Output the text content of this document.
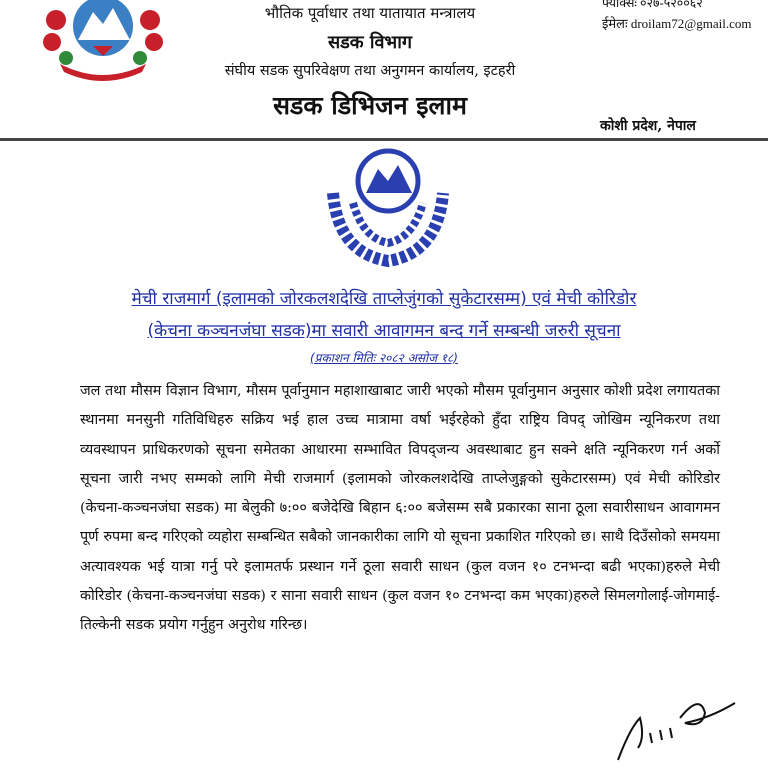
भौतिक पूर्वाधार तथा यातायात मन्त्रालय
सडक विभाग
संघीय सडक सुपरिवेक्षण तथा अनुगमन कार्यालय, इटहरी
सडक डिभिजन इलाम
फ्याक्सः ०२७-५२००६२
ईमेलः droilam72@gmail.com
कोशी प्रदेश, नेपाल
मेची राजमार्ग (इलामको जोरकलशदेखि ताप्लेजुंगको सुकेटारसम्म) एवं मेची कोरिडोर
(केचना कञ्चनजंघा सडक)मा सवारी आवागमन बन्द गर्ने सम्बन्धी जरुरी सूचना
(प्रकाशन मितिः २०८२ असोज १८)
जल तथा मौसम विज्ञान विभाग, मौसम पूर्वानुमान महाशाखाबाट जारी भएको मौसम पूर्वानुमान अनुसार कोशी प्रदेश लगायतका स्थानमा मनसुनी गतिविधिहरु सक्रिय भई हाल उच्च मात्रामा वर्षा भईरहेको हुँदा राष्ट्रिय विपद् जोखिम न्यूनिकरण तथा व्यवस्थापन प्राधिकरणको सूचना समेतका आधारमा सम्भावित विपद्जन्य अवस्थाबाट हुन सक्ने क्षति न्यूनिकरण गर्न अर्को सूचना जारी नभए सम्मको लागि मेची राजमार्ग (इलामको जोरकलशदेखि ताप्लेजुङ्गको सुकेटारसम्म) एवं मेची कोरिडोर (केचना-कञ्चनजंघा सडक) मा बेलुकी ७:०० बजेदेखि बिहान ६:०० बजेसम्म सबै प्रकारका साना ठूला सवारीसाधन आवागमन पूर्ण रुपमा बन्द गरिएको व्यहोरा सम्बन्धित सबैको जानकारीका लागि यो सूचना प्रकाशित गरिएको छ। साथै दिउँसोको समयमा अत्यावश्यक भई यात्रा गर्नु परे इलामतर्फ प्रस्थान गर्ने ठूला सवारी साधन (कुल वजन १० टनभन्दा बढी भएका)हरुले मेची कोरिडोर (केचना-कञ्चनजंघा सडक) र साना सवारी साधन (कुल वजन १० टनभन्दा कम भएका)हरुले सिमलगोलाई-जोगमाई-तिल्केनी सडक प्रयोग गर्नुहुन अनुरोध गरिन्छ।
